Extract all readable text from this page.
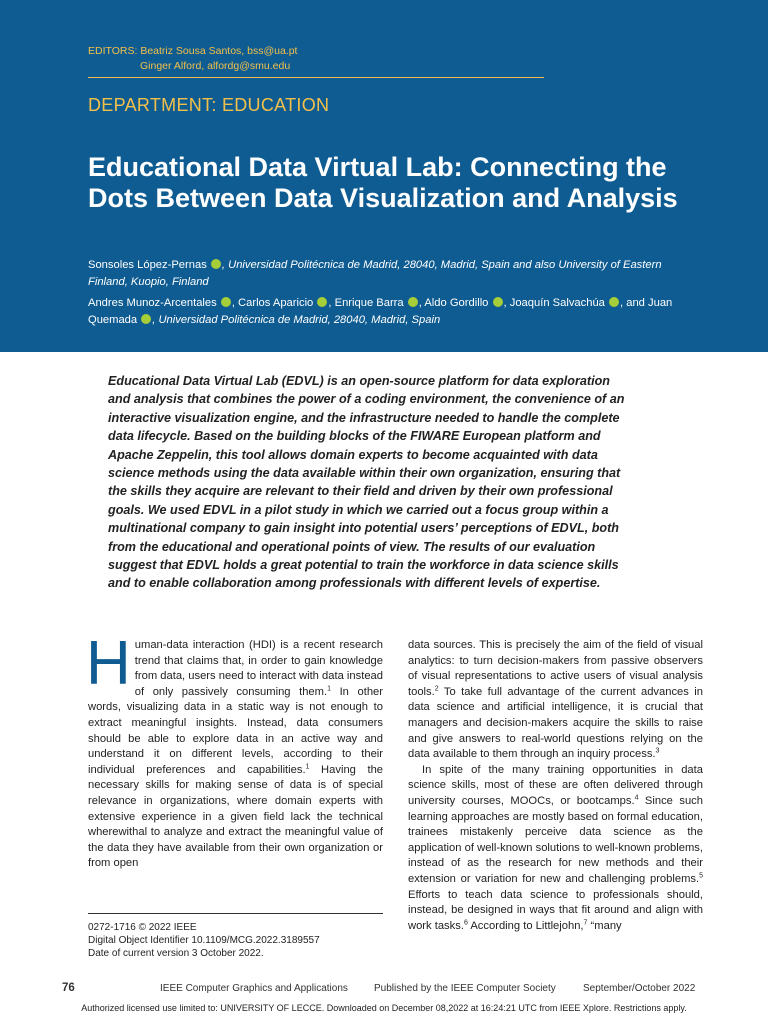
EDITORS: Beatriz Sousa Santos, bss@ua.pt
Ginger Alford, alfordg@smu.edu
DEPARTMENT: EDUCATION
Educational Data Virtual Lab: Connecting the Dots Between Data Visualization and Analysis

Sonsoles López-Pernas , Universidad Politécnica de Madrid, 28040, Madrid, Spain and also University of Eastern Finland, Kuopio, Finland

Andres Munoz-Arcentales , Carlos Aparicio , Enrique Barra , Aldo Gordillo , Joaquín Salvachúa , and Juan Quemada , Universidad Politécnica de Madrid, 28040, Madrid, Spain

Educational Data Virtual Lab (EDVL) is an open-source platform for data exploration and analysis that combines the power of a coding environment, the convenience of an interactive visualization engine, and the infrastructure needed to handle the complete data lifecycle. Based on the building blocks of the FIWARE European platform and Apache Zeppelin, this tool allows domain experts to become acquainted with data science methods using the data available within their own organization, ensuring that the skills they acquire are relevant to their field and driven by their own professional goals. We used EDVL in a pilot study in which we carried out a focus group within a multinational company to gain insight into potential users’ perceptions of EDVL, both from the educational and operational points of view. The results of our evaluation suggest that EDVL holds a great potential to train the workforce in data science skills and to enable collaboration among professionals with different levels of expertise.

Human-data interaction (HDI) is a recent research trend that claims that, in order to gain knowledge from data, users need to interact with data instead of only passively consuming them.$^1$ In other words, visualizing data in a static way is not enough to extract meaningful insights. Instead, data consumers should be able to explore data in an active way and understand it on different levels, according to their individual preferences and capabilities.$^1$ Having the necessary skills for making sense of data is of special relevance in organizations, where domain experts with extensive experience in a given field lack the technical wherewithal to analyze and extract the meaningful value of the data they have available from their own organization or from open

data sources. This is precisely the aim of the field of visual analytics: to turn decision-makers from passive observers of visual representations to active users of visual analysis tools.$^2$ To take full advantage of the current advances in data science and artificial intelligence, it is crucial that managers and decision-makers acquire the skills to raise and give answers to real-world questions relying on the data available to them through an inquiry process.$^3$

In spite of the many training opportunities in data science skills, most of these are often delivered through university courses, MOOCs, or bootcamps.$^4$ Since such learning approaches are mostly based on formal education, trainees mistakenly perceive data science as the application of well-known solutions to well-known problems, instead of as the research for new methods and their extension or variation for new and challenging problems.$^5$ Efforts to teach data science to professionals should, instead, be designed in ways that fit around and align with work tasks.$^6$ According to Littlejohn,$^7$ “many

0272-1716 © 2022 IEEE
Digital Object Identifier 10.1109/MCG.2022.3189557
Date of current version 3 October 2022.
76	IEEE Computer Graphics and Applications	Published by the IEEE Computer Society	September/October 2022
Authorized licensed use limited to: UNIVERSITY OF LECCE. Downloaded on December 08,2022 at 16:24:21 UTC from IEEE Xplore. Restrictions apply.
